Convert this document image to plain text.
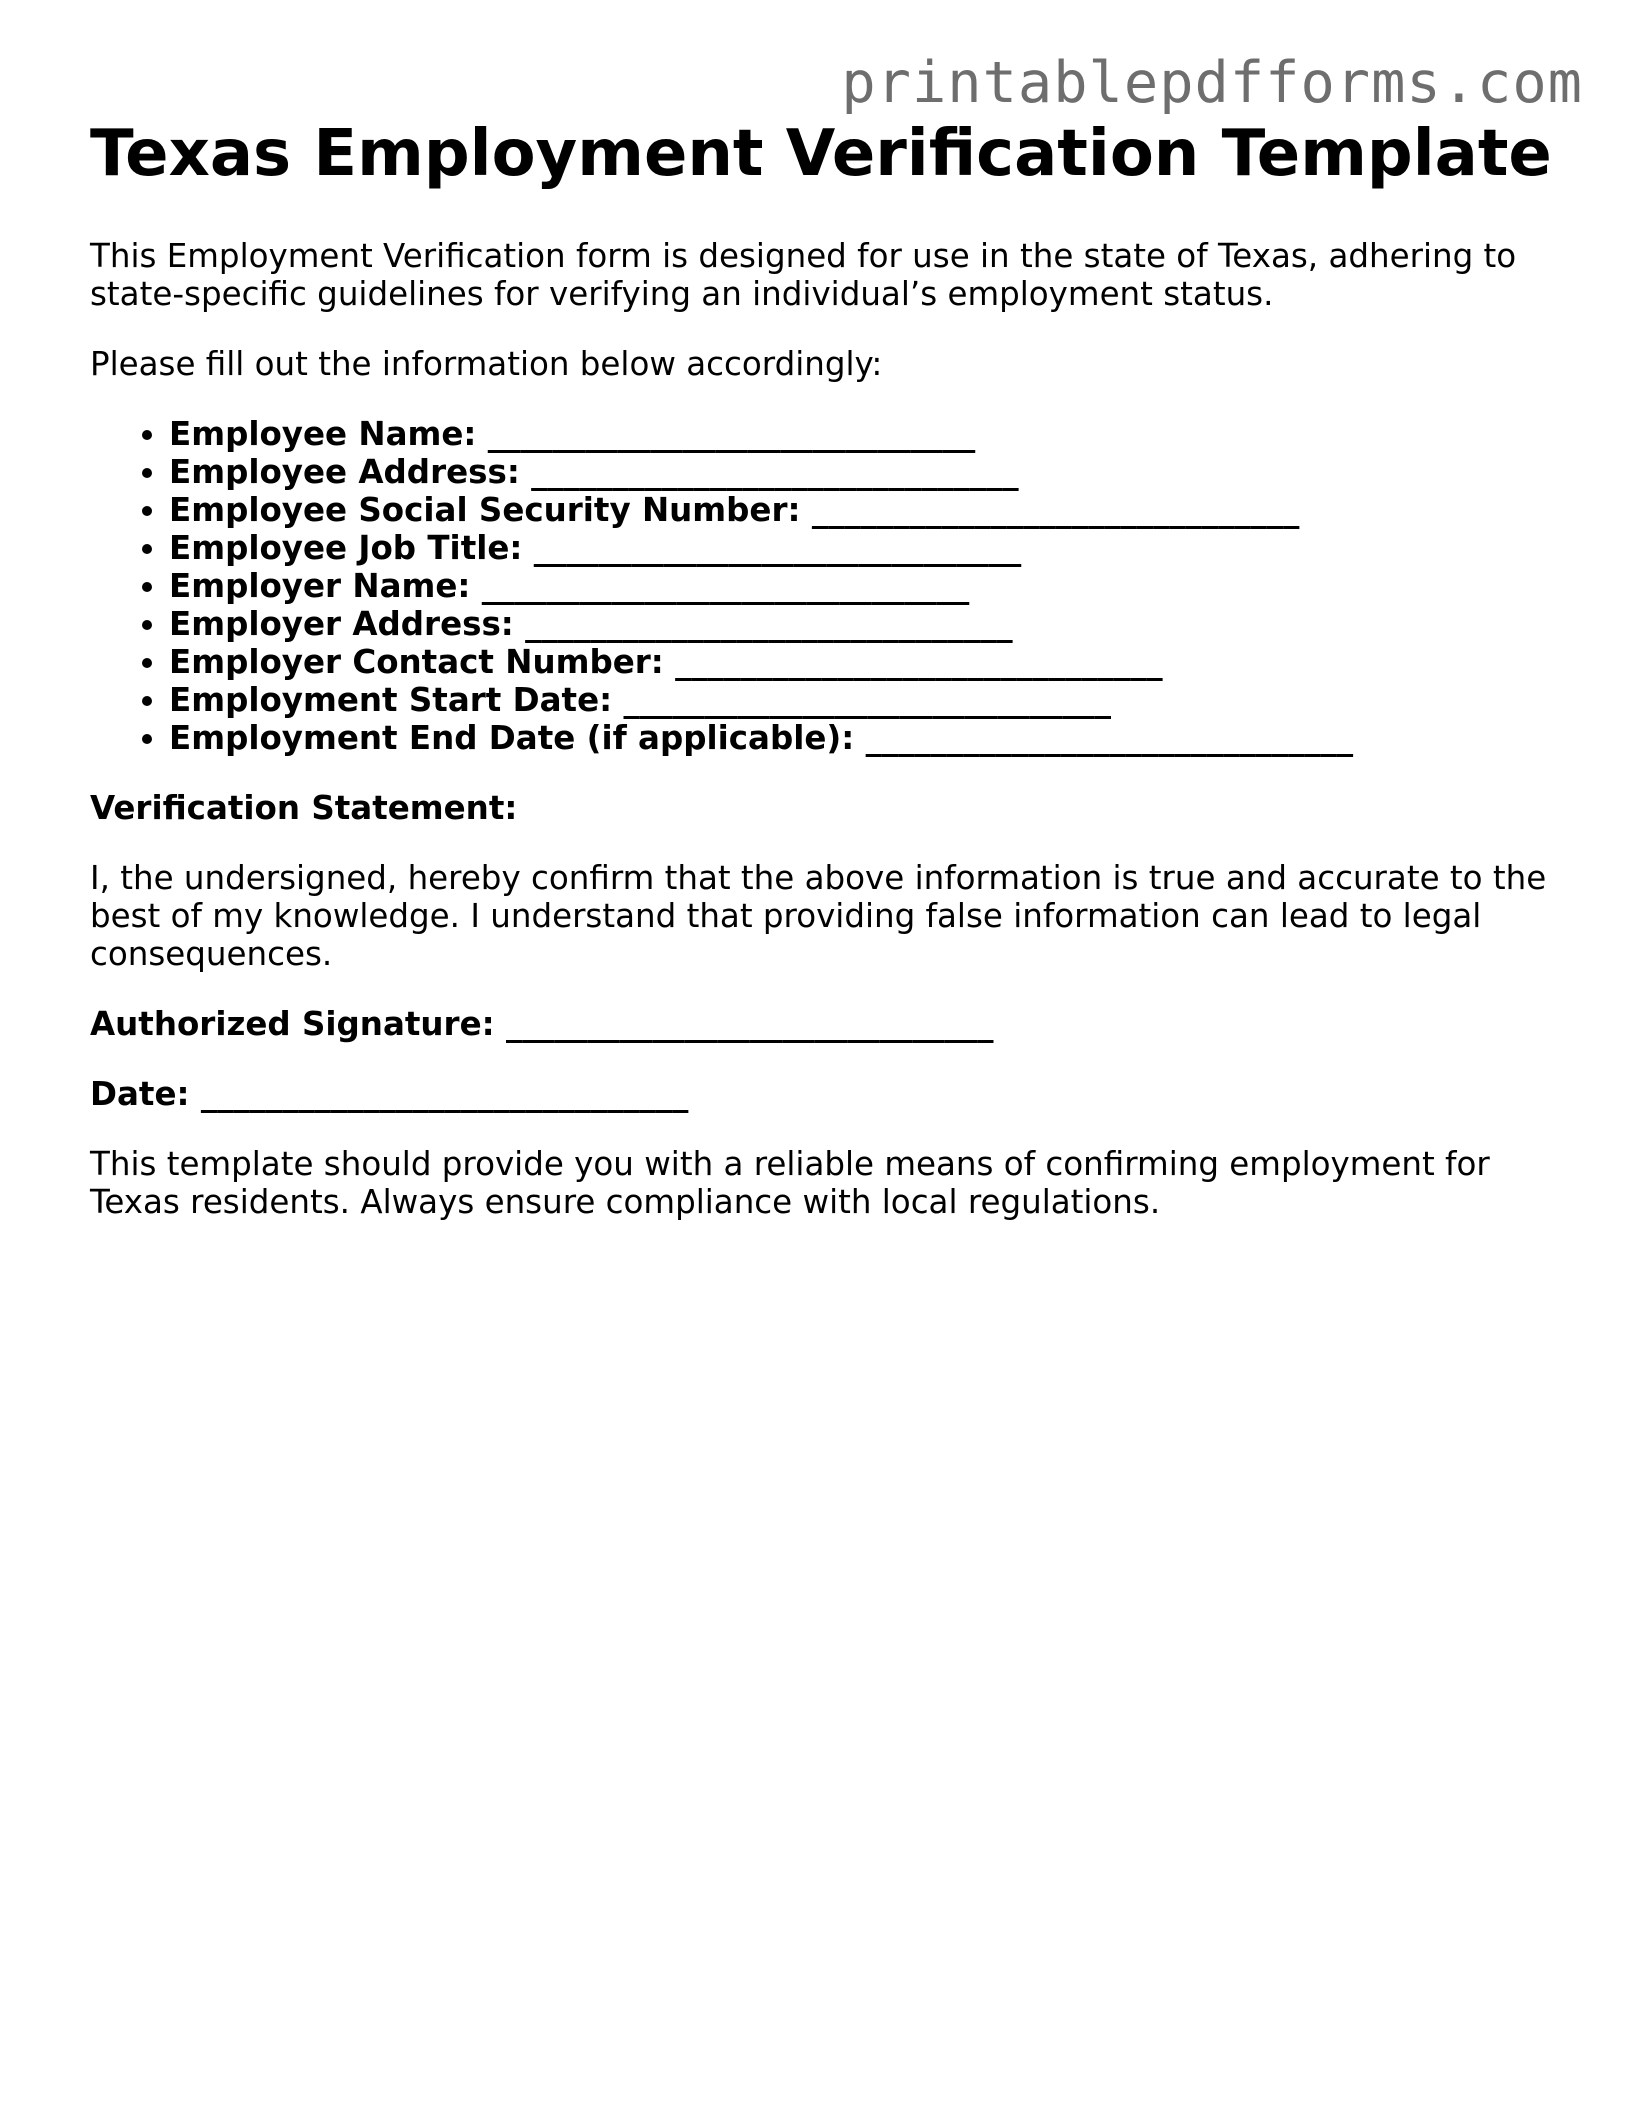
printablepdfforms.com
Texas Employment Verification Template

This Employment Verification form is designed for use in the state of Texas, adhering to state-specific guidelines for verifying an individual’s employment status.

Please fill out the information below accordingly:

• Employee Name: ______________________________
• Employee Address: ______________________________
• Employee Social Security Number: ______________________________
• Employee Job Title: ______________________________
• Employer Name: ______________________________
• Employer Address: ______________________________
• Employer Contact Number: ______________________________
• Employment Start Date: ______________________________
• Employment End Date (if applicable): ______________________________

Verification Statement:

I, the undersigned, hereby confirm that the above information is true and accurate to the best of my knowledge. I understand that providing false information can lead to legal consequences.

Authorized Signature: ______________________________

Date: ______________________________

This template should provide you with a reliable means of confirming employment for Texas residents. Always ensure compliance with local regulations.
